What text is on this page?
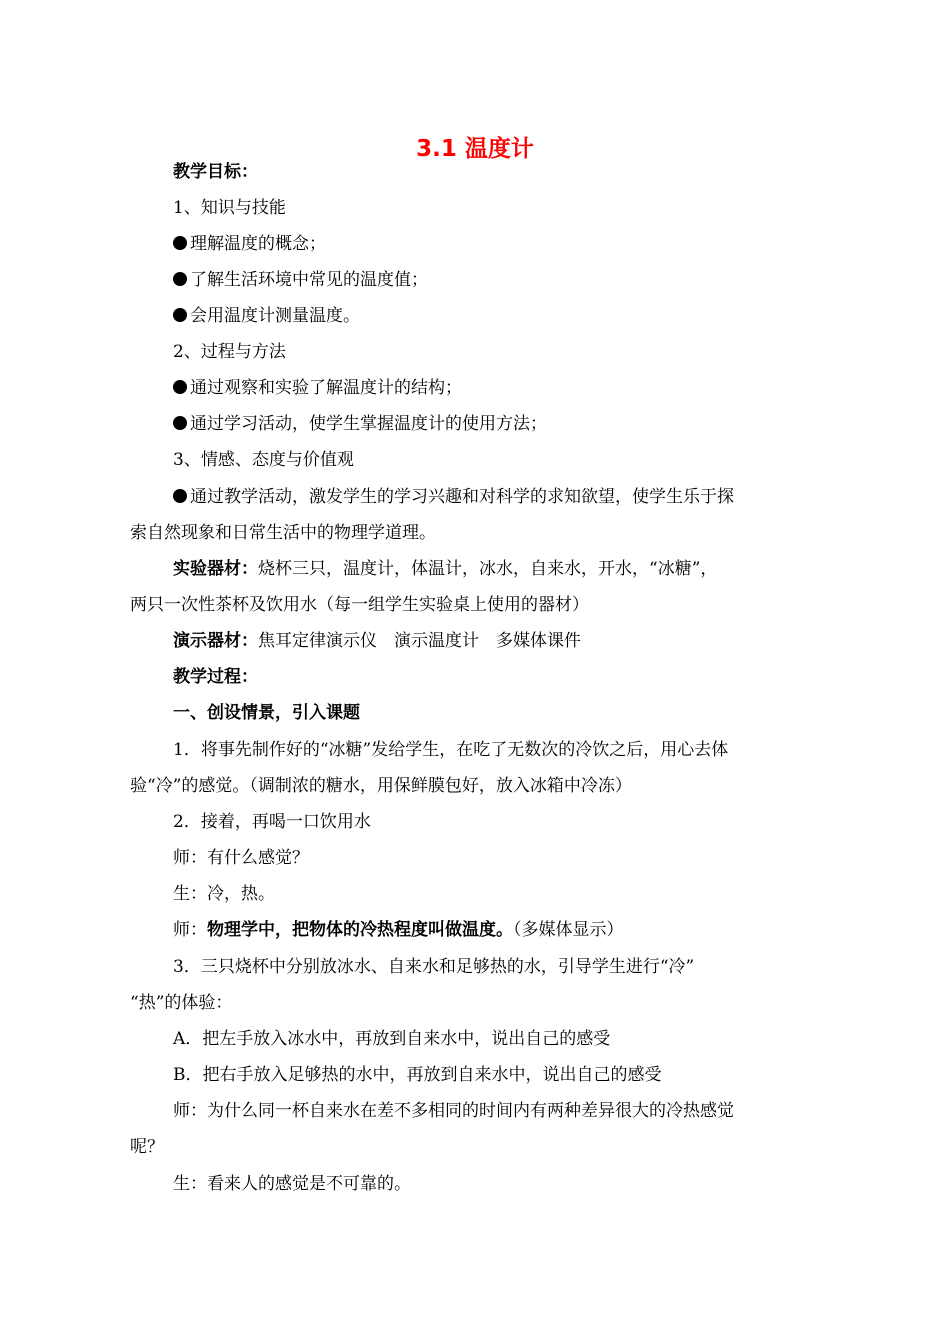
3.1 温度计
教学目标：
1、知识与技能
理解温度的概念；
了解生活环境中常见的温度值；
会用温度计测量温度。
2、过程与方法
通过观察和实验了解温度计的结构；
通过学习活动，使学生掌握温度计的使用方法；
3、情感、态度与价值观
通过教学活动，激发学生的学习兴趣和对科学的求知欲望，使学生乐于探
索自然现象和日常生活中的物理学道理。
实验器材：烧杯三只，温度计，体温计，冰水，自来水，开水，“冰糖”，
两只一次性茶杯及饮用水（每一组学生实验桌上使用的器材）
演示器材：焦耳定律演示仪　演示温度计　多媒体课件
教学过程：
一、创设情景，引入课题
1．将事先制作好的“冰糖”发给学生，在吃了无数次的冷饮之后，用心去体
验“冷”的感觉。（调制浓的糖水，用保鲜膜包好，放入冰箱中冷冻）
2．接着，再喝一口饮用水
师：有什么感觉？
生：冷，热。
师：物理学中，把物体的冷热程度叫做温度。（多媒体显示）
3．三只烧杯中分别放冰水、自来水和足够热的水，引导学生进行“冷”
“热”的体验：
A．把左手放入冰水中，再放到自来水中，说出自己的感受
B．把右手放入足够热的水中，再放到自来水中，说出自己的感受
师：为什么同一杯自来水在差不多相同的时间内有两种差异很大的冷热感觉
呢？
生：看来人的感觉是不可靠的。
